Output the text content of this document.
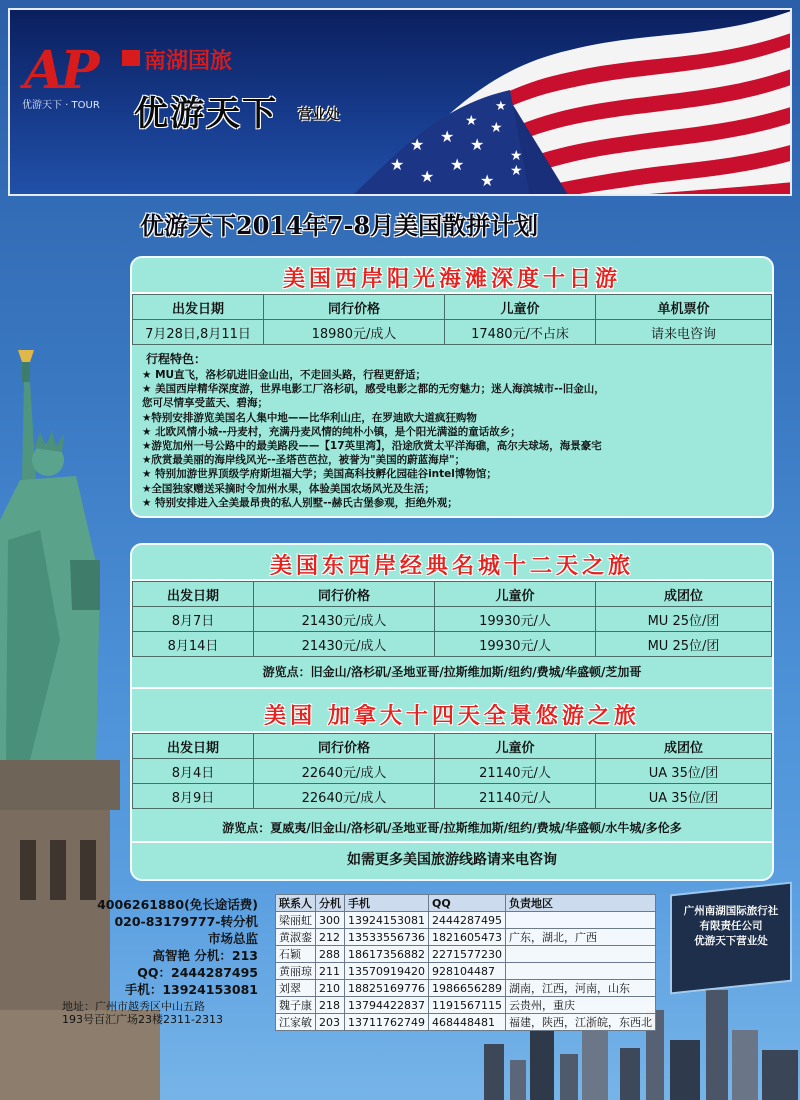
★
★
★
★ ★ ★
★ ★
★ ★
★
★
AP
优游天下 · TOUR
南湖国旅
优游天下 营业处
优游天下2014年7-8月美国散拼计划
美国西岸阳光海滩深度十日游
出发日期	同行价格	儿童价	单机票价
7月28日,8月11日	18980元/成人	17480元/不占床	请来电咨询
行程特色：
★ MU直飞，洛杉矶进旧金山出，不走回头路，行程更舒适；
★ 美国西岸精华深度游，世界电影工厂洛杉矶，感受电影之都的无穷魅力；迷人海滨城市--旧金山，
您可尽情享受蓝天、碧海；
★特别安排游览美国名人集中地——比华利山庄，在罗迪欧大道疯狂购物
★ 北欧风情小城--丹麦村，充满丹麦风情的纯朴小镇，是个阳光满溢的童话故乡；
★游览加州一号公路中的最美路段——【17英里湾】，沿途欣赏太平洋海礁，高尔夫球场，海景豪宅
★欣赏最美丽的海岸线风光--圣塔芭芭拉，被誉为"美国的蔚蓝海岸"；
★ 特别加游世界顶级学府斯坦福大学；美国高科技孵化园硅谷intel博物馆；
★全国独家赠送采摘时令加州水果，体验美国农场风光及生活；
★ 特别安排进入全美最昂贵的私人别墅--赫氏古堡参观，拒绝外观；
美国东西岸经典名城十二天之旅
出发日期	同行价格	儿童价	成团位
8月7日	21430元/成人	19930元/人	MU 25位/团
8月14日	21430元/成人	19930元/人	MU 25位/团
游览点：旧金山/洛杉矶/圣地亚哥/拉斯维加斯/纽约/费城/华盛顿/芝加哥
美国 加拿大十四天全景悠游之旅
出发日期	同行价格	儿童价	成团位
8月4日	22640元/成人	21140元/人	UA 35位/团
8月9日	22640元/成人	21140元/人	UA 35位/团
游览点：夏威夷/旧金山/洛杉矶/圣地亚哥/拉斯维加斯/纽约/费城/华盛顿/水牛城/多伦多
如需更多美国旅游线路请来电咨询
4006261880(免长途话费)
020-83179777-转分机
市场总监
高智艳 分机：213
QQ：2444287495
手机：13924153081
地址：广州市越秀区中山五路
193号百汇广场23楼2311-2313
联系人	分机	手机	QQ	负责地区
梁丽虹	300	13924153081	2444287495	
黄淑銮	212	13533556736	1821605473	广东，湖北，广西
石颖	288	18617356882	2271577230	
黄丽琼	211	13570919420	928104487	
刘翠	210	18825169776	1986656289	湖南，江西，河南，山东
魏子康	218	13794422837	1191567115	云贵州，重庆
江家敏	203	13711762749	468448481	福建，陕西，江浙皖，东西北
广州南湖国际旅行社
有限责任公司
优游天下营业处
